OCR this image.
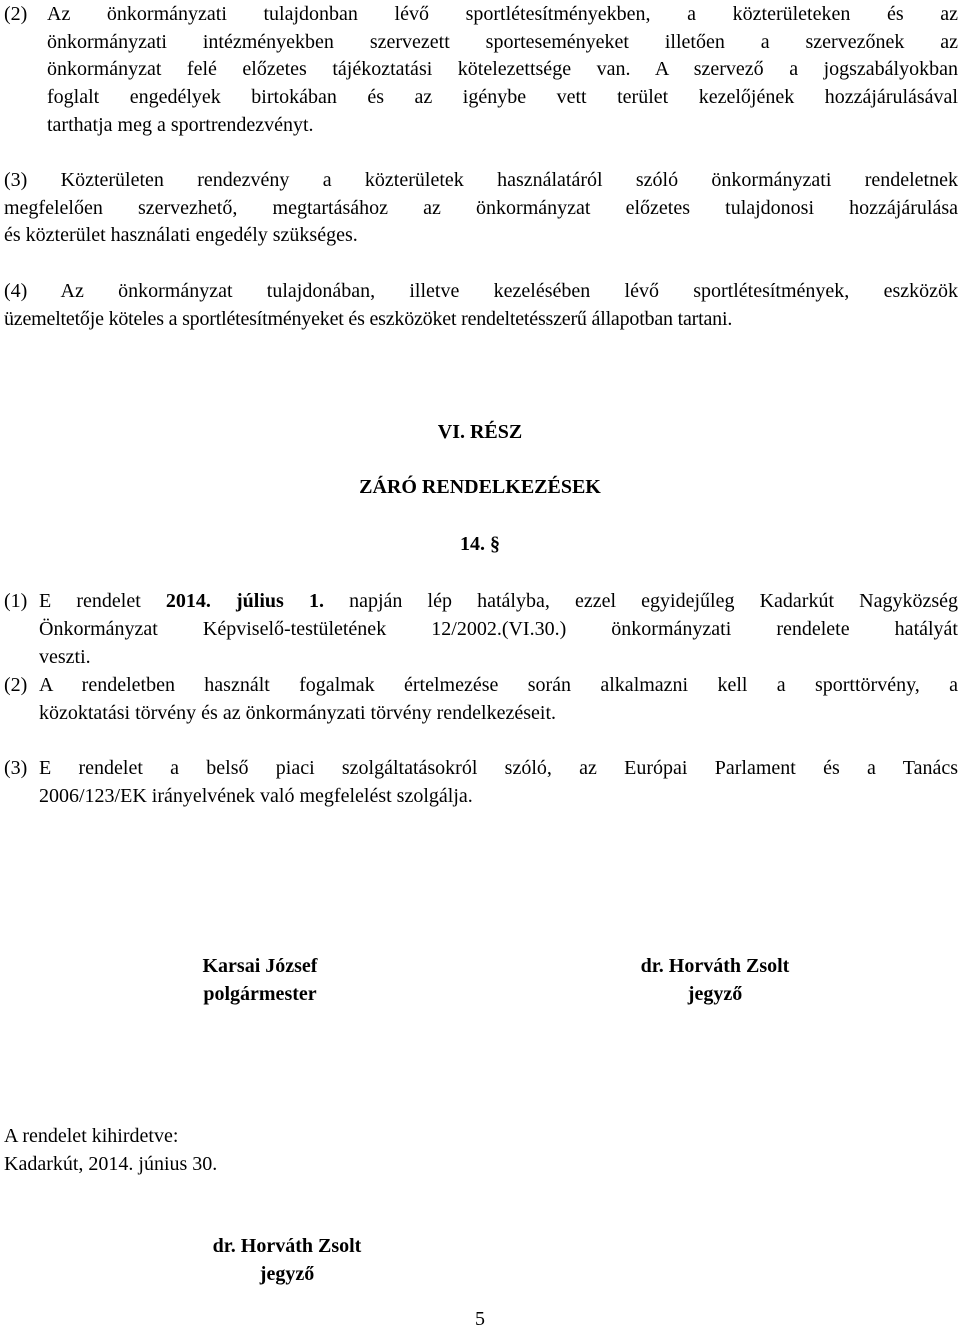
(2) Az önkormányzati tulajdonban lévő sportlétesítményekben, a közterületeken és az
önkormányzati intézményekben szervezett sporteseményeket illetően a szervezőnek az
önkormányzat felé előzetes tájékoztatási kötelezettsége van. A szervező a jogszabályokban
foglalt engedélyek birtokában és az igénybe vett terület kezelőjének hozzájárulásával
tarthatja meg a sportrendezvényt.
(3) Közterületen rendezvény a közterületek használatáról szóló önkormányzati rendeletnek
megfelelően szervezhető, megtartásához az önkormányzat előzetes tulajdonosi hozzájárulása
és közterület használati engedély szükséges.
(4) Az önkormányzat tulajdonában, illetve kezelésében lévő sportlétesítmények, eszközök
üzemeltetője köteles a sportlétesítményeket és eszközöket rendeltetésszerű állapotban tartani.
VI. RÉSZ
ZÁRÓ RENDELKEZÉSEK
14. §
(1) E rendelet 2014. július 1. napján lép hatályba, ezzel egyidejűleg Kadarkút Nagyközség
Önkormányzat Képviselő-testületének 12/2002.(VI.30.) önkormányzati rendelete hatályát
veszti.
(2) A rendeletben használt fogalmak értelmezése során alkalmazni kell a sporttörvény, a
közoktatási törvény és az önkormányzati törvény rendelkezéseit.
(3) E rendelet a belső piaci szolgáltatásokról szóló, az Európai Parlament és a Tanács
2006/123/EK irányelvének való megfelelést szolgálja.
Karsai József
polgármester
dr. Horváth Zsolt
jegyző
A rendelet kihirdetve:
Kadarkút, 2014. június 30.
dr. Horváth Zsolt
jegyző
5
